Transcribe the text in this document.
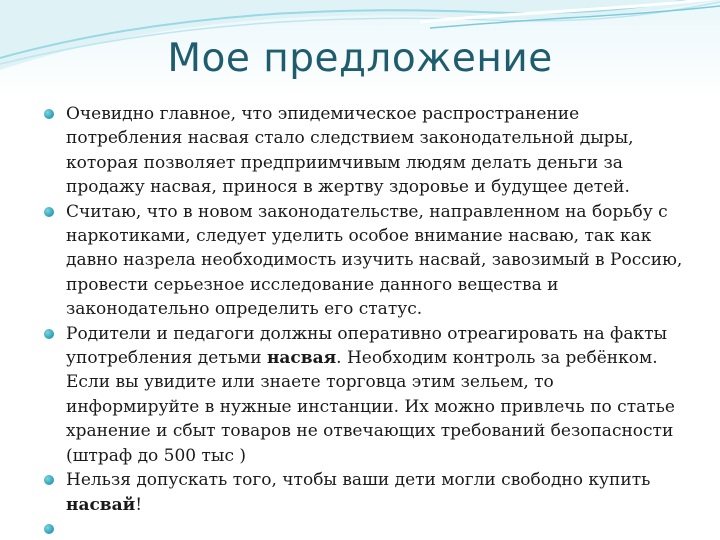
Мое предложение
Очевидно главное, что эпидемическое распространение потребления насвая стало следствием законодательной дыры, которая позволяет предприимчивым людям делать деньги за продажу насвая, принося в жертву здоровье и будущее детей.
Считаю, что в новом законодательстве, направленном на борьбу с наркотиками, следует уделить особое внимание насваю, так как давно назрела необходимость изучить насвай, завозимый в Россию, провести серьезное исследование данного вещества и законодательно определить его статус.
Родители и педагоги должны оперативно отреагировать на факты употребления детьми насвая. Необходим контроль за ребёнком. Если вы увидите или знаете торговца этим зельем, то информируйте в нужные инстанции. Их можно привлечь по статье хранение и сбыт товаров не отвечающих требований безопасности (штраф до 500 тыс )
Нельзя допускать того, чтобы ваши дети могли свободно купить насвай!
